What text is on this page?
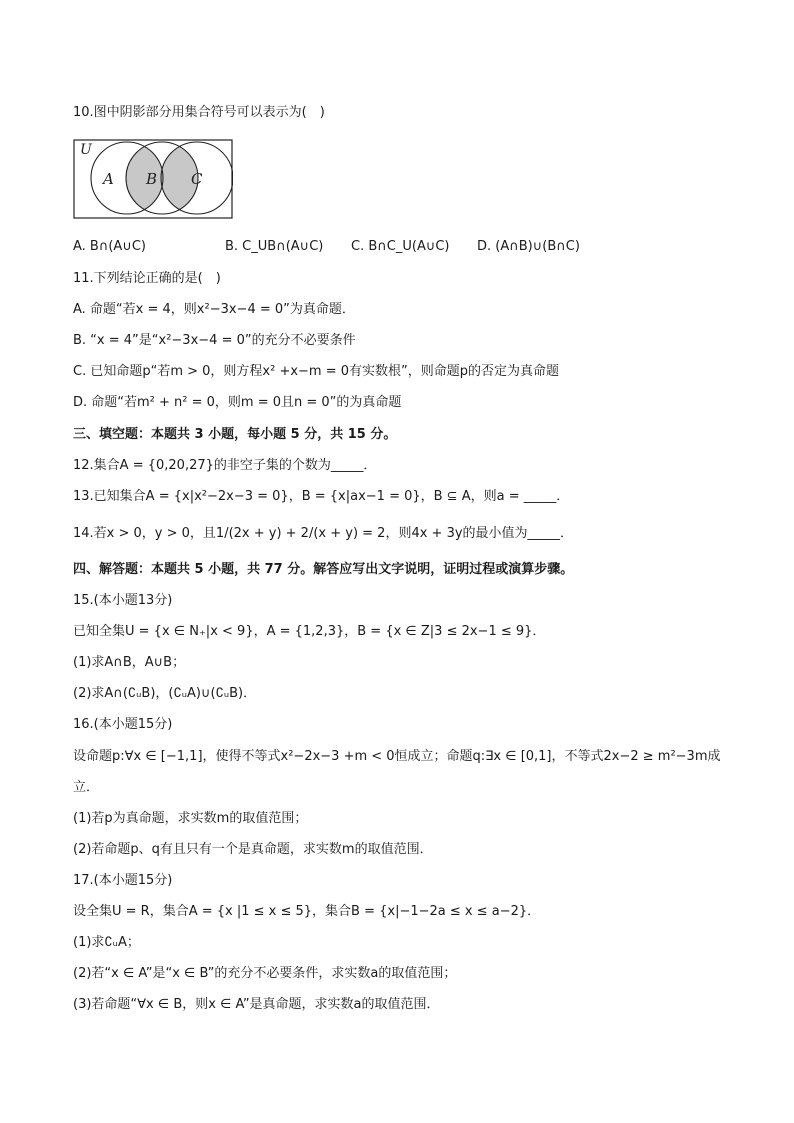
10.图中阴影部分用集合符号可以表示为(　)
U
A B C
A. B∩(A∪C)	B. C_UB∩(A∪C) C. B∩C_U(A∪C) D. (A∩B)∪(B∩C)
11.下列结论正确的是(　)
A. 命题“若x = 4，则x²−3x−4 = 0”为真命题．
B. “x = 4”是“x²−3x−4 = 0”的充分不必要条件
C. 已知命题p“若m > 0，则方程x² +x−m = 0有实数根”，则命题p的否定为真命题
D. 命题“若m² + n² = 0，则m = 0且n = 0”的为真命题
三、填空题：本题共 3 小题，每小题 5 分，共 15 分。
12.集合A = {0,20,27}的非空子集的个数为_____．
13.已知集合A = {x|x²−2x−3 = 0}，B = {x|ax−1 = 0}，B ⊆ A，则a = _____．
14.若x > 0，y > 0，且1/(2x + y) + 2/(x + y) = 2，则4x + 3y的最小值为_____．
四、解答题：本题共 5 小题，共 77 分。解答应写出文字说明，证明过程或演算步骤。
15.(本小题13分)
已知全集U = {x ∈ N₊|x < 9}，A = {1,2,3}，B = {x ∈ Z|3 ≤ 2x−1 ≤ 9}．
(1)求A∩B，A∪B；
(2)求A∩(∁ᵤB)，(∁ᵤA)∪(∁ᵤB)．
16.(本小题15分)
设命题p:∀x ∈ [−1,1]，使得不等式x²−2x−3 +m < 0恒成立；命题q:∃x ∈ [0,1]，不等式2x−2 ≥ m²−3m成
立．
(1)若p为真命题，求实数m的取值范围；
(2)若命题p、q有且只有一个是真命题，求实数m的取值范围．
17.(本小题15分)
设全集U = R，集合A = {x |1 ≤ x ≤ 5}，集合B = {x|−1−2a ≤ x ≤ a−2}．
(1)求∁ᵤA；
(2)若“x ∈ A”是“x ∈ B”的充分不必要条件，求实数a的取值范围；
(3)若命题“∀x ∈ B，则x ∈ A”是真命题，求实数a的取值范围．
